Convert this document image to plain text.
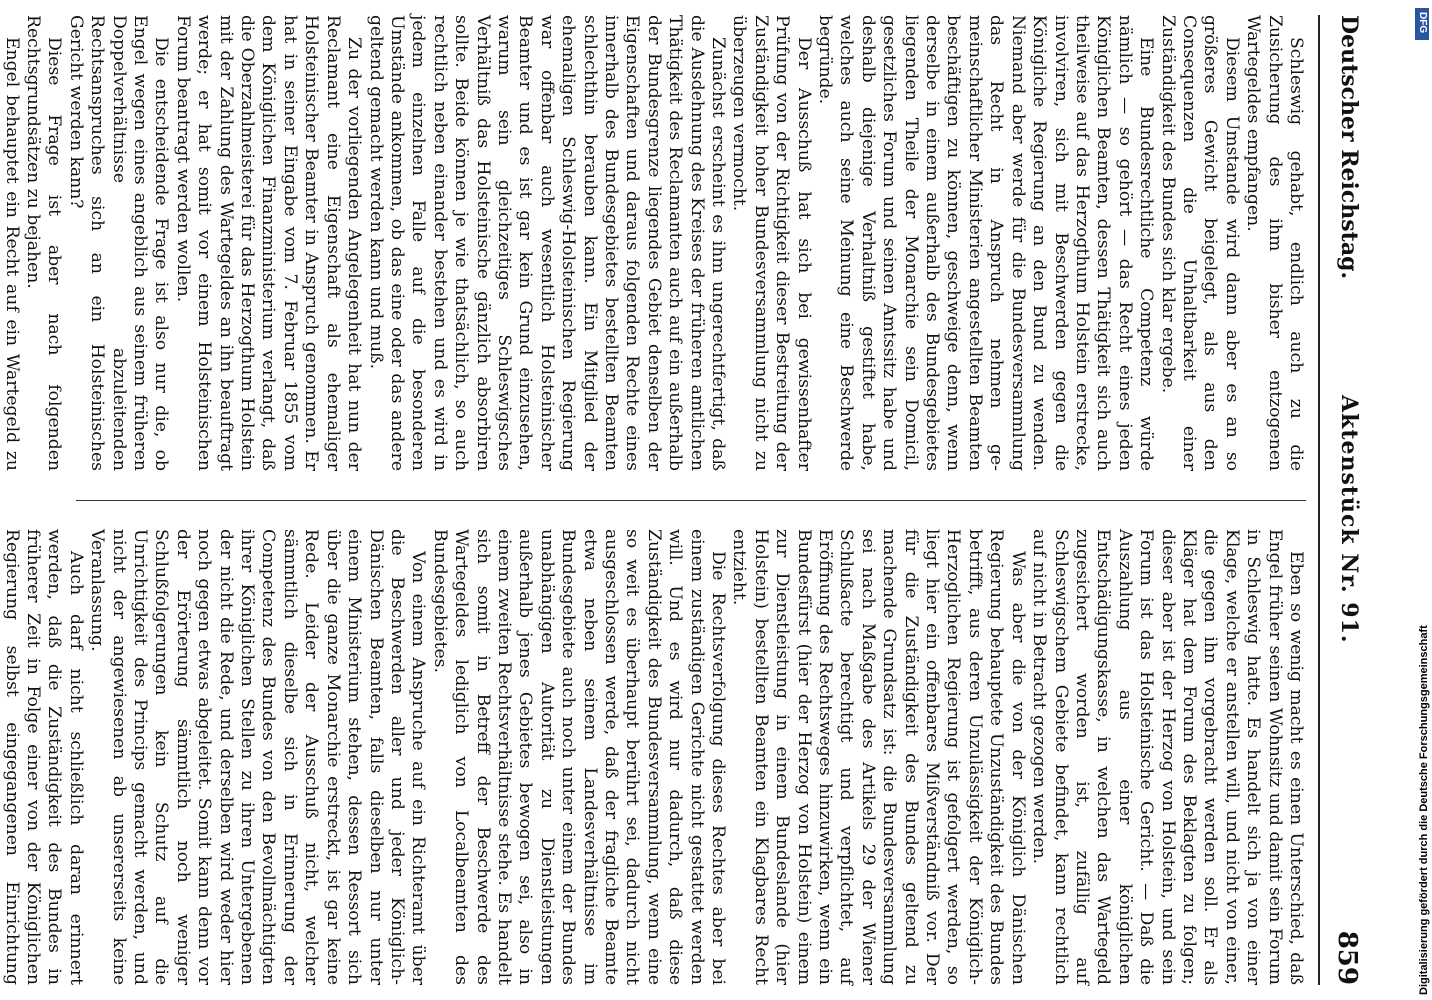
Deutscher Reichstag.
Aktenstück Nr. 91.
859

Schleswig gehabt, endlich auch zu die Zusicherung des ihm bisher entzogenen Wartegeldes empfangen.

Diesem Umstande wird dann aber es an so größeres Gewicht beigelegt, als aus den Consequenzen die Unhaltbarkeit einer Zuständigkeit des Bundes sich klar ergebe.

Eine Bundesrechtliche Competenz würde nämlich — so gehört — das Recht eines jeden Königlichen Beamten, dessen Thätigkeit sich auch theilweise auf das Herzogthum Holstein erstrecke, involviren, sich mit Beschwerden gegen die Königliche Regierung an den Bund zu wenden. Niemand aber werde für die Bundesversammlung das Recht in Anspruch nehmen ge- meinschaftlicher Ministerien angestellten Beamten beschäftigen zu können, geschweige denn, wenn derselbe in einem außerhalb des Bundesgebietes liegenden Theile der Monarchie sein Domicil, gesetzliches Forum und seinen Amtssitz habe und deshalb diejenige Verhaltniß gestiftet habe, welches auch seine Meinung eine Beschwerde begründe.

Der Ausschuß hat sich bei gewissenhafter Prüfung von der Richtigkeit dieser Bestreitung der Zuständigkeit hoher Bundesversammlung nicht zu überzeugen vermocht.

Zunächst erscheint es ihm ungerechtfertigt, daß die Ausdehnung des Kreises der früheren amtlichen Thätigkeit des Reclamanten auch auf ein außerhalb der Bundesgrenze liegendes Gebiet denselben der Eigenschaften und daraus folgenden Rechte eines innerhalb des Bundesgebietes bestellten Beamten schlechthin berauben kann. Ein Mitglied der ehemaligen Schleswig-Holsteinischen Regierung war offenbar auch wesentlich Holsteinischer Beamter und es ist gar kein Grund einzusehen, warum sein gleichzeitiges Schleswigsches Verhältniß das Holsteinische gänzlich absorbiren sollte. Beide können je wie thatsächlich, so auch rechtlich neben einander bestehen und es wird in jedem einzelnen Falle auf die besonderen Umstände ankommen, ob das eine oder das andere geltend gemacht werden kann und muß.

Zu der vorliegenden Angelegenheit hat nun der Reclamant eine Eigenschaft als ehemaliger Holsteinischer Beamter in Anspruch genommen. Er hat in seiner Eingabe vom 7. Februar 1855 vom dem Königlichen Finanzministerium verlangt, daß die Oberzahlmeisterei für das Herzogthum Holstein mit der Zahlung des Wartegeldes an ihn beauftragt werde; er hat somit vor einem Holsteinischen Forum beantragt werden wollen.

Die entscheidende Frage ist also nur die, ob Engel wegen eines angeblich aus seinem früheren Doppelverhältnisse abzuleitenden Rechtsanspruches sich an ein Holsteinisches Gericht werden kann?

Diese Frage ist aber nach folgenden Rechtsgrundsätzen zu bejahen.

Engel behauptet ein Recht auf ein Wartegeld zu

Eben so wenig macht es einen Unterschied, daß Engel früher seinen Wohnsitz und damit sein Forum in Schleswig hatte. Es handelt sich ja von einer Klage, welche er anstellen will, und nicht von einer, die gegen ihn vorgebracht werden soll. Er als Kläger hat dem Forum des Beklagten zu folgen; dieser aber ist der Herzog von Holstein, und sein Forum ist das Holsteinische Gericht. — Daß die Auszahlung aus einer königlichen Entschädigungskasse, in welchen das Wartegeld zugesichert worden ist, zufällig auf Schleswigschem Gebiete befindet, kann rechtlich auf nicht in Betracht gezogen werden.

Was aber die von der Königlich Dänischen Regierung behauptete Unzuständigkeit des Bundes betrifft, aus deren Unzulässigkeit der Königlich-Herzoglichen Regierung ist gefolgert werden, so liegt hier ein offenbares Mißverständniß vor. Der für die Zuständigkeit des Bundes geltend zu machende Grundsatz ist: die Bundesversammlung sei nach Maßgabe des Artikels 29 der Wiener Schlußacte berechtigt und verpflichtet, auf Eröffnung des Rechtsweges hinzuwirken, wenn ein Bundesfürst (hier der Herzog von Holstein) einem zur Dienstleistung in einem Bundeslande (hier Holstein) bestellten Beamten ein Klagbares Recht entzieht.

Die Rechtsverfolgung dieses Rechtes aber bei einem zuständigen Gerichte nicht gestattet werden will. Und es wird nur dadurch, daß diese Zuständigkeit des Bundesversammlung, wenn eine so weit es überhaupt berührt sei, dadurch nicht ausgeschlossen werde, daß der fragliche Beamte etwa neben seinem Landesverhältnisse im Bundesgebiete auch noch unter einem der Bundes unabhängigen Autorität zu Dienstleistungen außerhalb jenes Gebietes bewogen sei, also in einem zweiten Rechtsverhältnisse stehe. Es handelt sich somit in Betreff der Beschwerde des Wartegeldes lediglich von Localbeamten des Bundesgebietes.

Von einem Anspruche auf ein Richteramt über die Beschwerden aller und jeder Königlich-Dänischen Beamten, falls dieselben nur unter einem Ministerium stehen, dessen Ressort sich über die ganze Monarchie erstreckt, ist gar keine Rede. Leider der Ausschuß nicht, welcher sämmtlich dieselbe sich in Erinnerung der Competenz des Bundes von den Bevollmächtigten ihrer Königlichen Stellen zu ihren Untergebenen der nicht die Rede, und derselben wird weder hier noch gegen etwas abgeleitet. Somit kann denn vor der Erörterung sämmtlich noch weniger Schlußfolgerungen kein Schutz auf die Unrichtigkeit des Princips gemacht werden, und nicht der angewiesenen ab unsererseits keine Veranlassung.

Auch darf nicht schließlich daran erinnert werden, daß die Zuständigkeit des Bundes in früherer Zeit in Folge einer von der Königlichen Regierung selbst eingegangenen Einrichtung	Digitalisierung gefördert durch die Deutsche Forschungsgemeinschaft
DFG
